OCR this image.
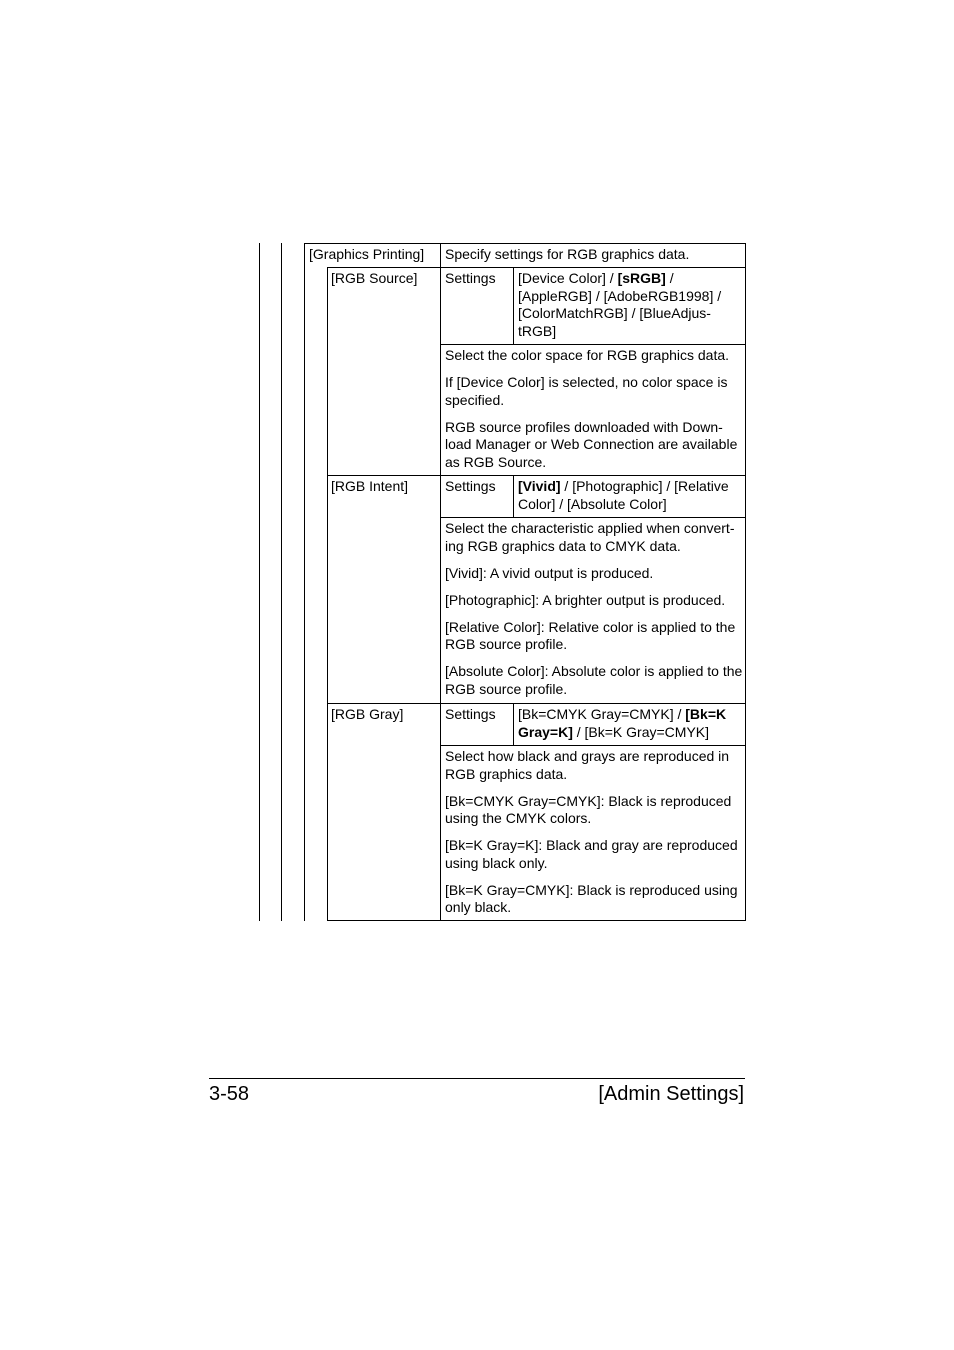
[Graphics Printing] Specify settings for RGB graphics data.
[RGB Source] Settings [Device Color] / [sRGB] /
[AppleRGB] / [AdobeRGB1998] /
[ColorMatchRGB] / [BlueAdjus-
tRGB]

Select the color space for RGB graphics data.

If [Device Color] is selected, no color space is specified.

RGB source profiles downloaded with Down-load Manager or Web Connection are available as RGB Source.

[RGB Intent]	Settings [Vivid] / [Photographic] / [Relative
Color] / [Absolute Color]

Select the characteristic applied when convert-ing RGB graphics data to CMYK data.

[Vivid]: A vivid output is produced.

[Photographic]: A brighter output is produced.

[Relative Color]: Relative color is applied to the RGB source profile.

[Absolute Color]: Absolute color is applied to the RGB source profile.

[RGB Gray]	Settings [Bk=CMYK Gray=CMYK] / [Bk=K
Gray=K] / [Bk=K Gray=CMYK]

Select how black and grays are reproduced in RGB graphics data.

[Bk=CMYK Gray=CMYK]: Black is reproduced using the CMYK colors.

[Bk=K Gray=K]: Black and gray are reproduced using black only.

[Bk=K Gray=CMYK]: Black is reproduced using only black.

3-58	[Admin Settings]
